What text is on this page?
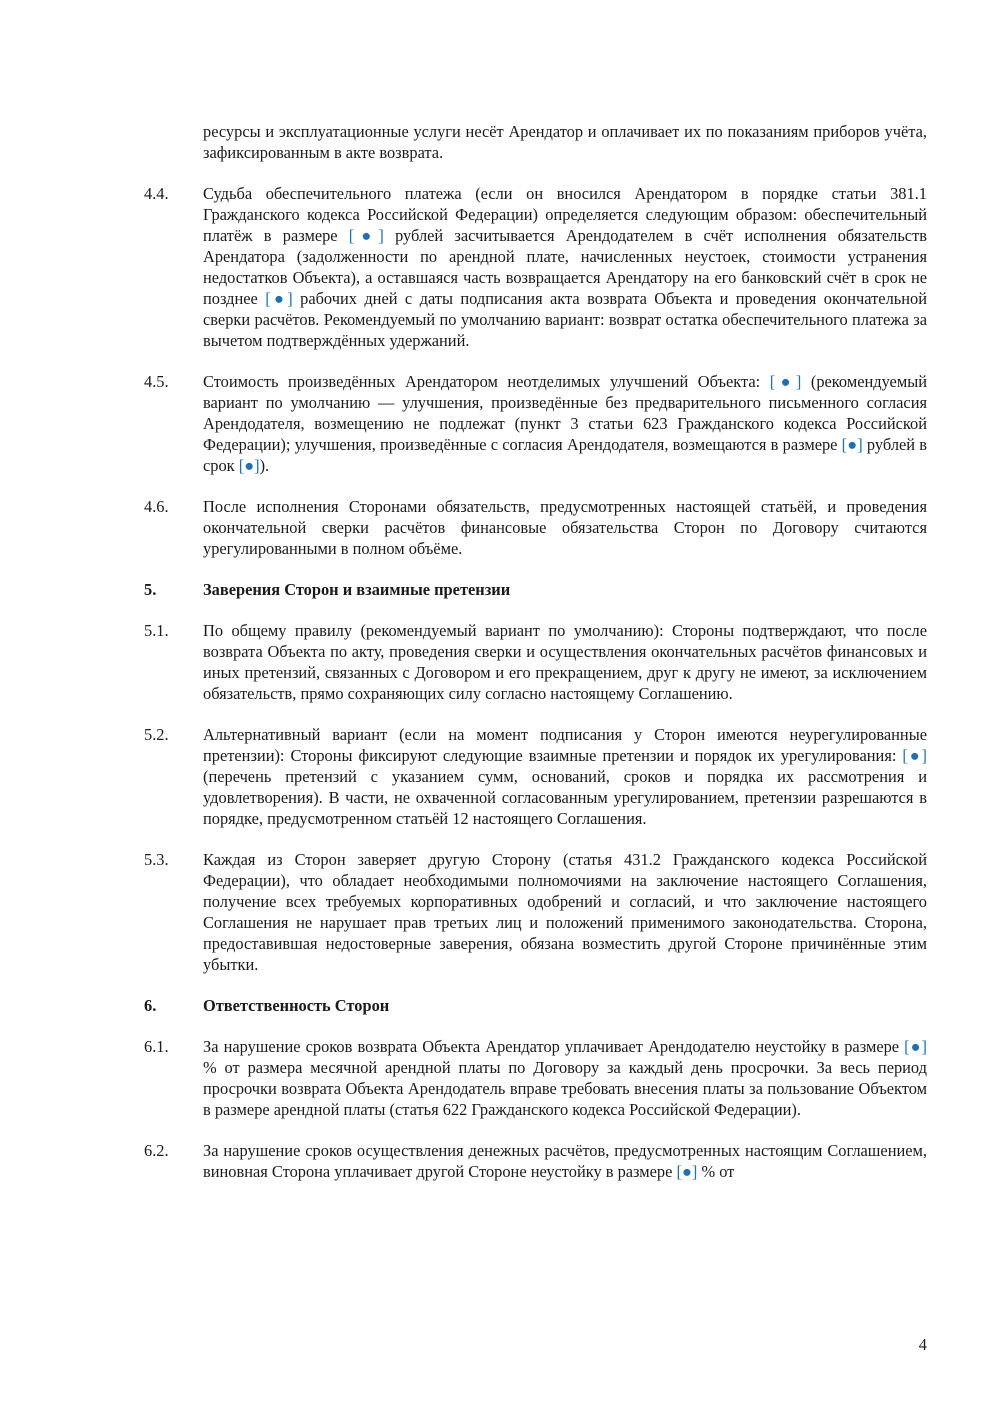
ресурсы и эксплуатационные услуги несёт Арендатор и оплачивает их по показаниям приборов учёта, зафиксированным в акте возврата.
4.4. Судьба обеспечительного платежа (если он вносился Арендатором в порядке статьи 381.1 Гражданского кодекса Российской Федерации) определяется следующим образом: обеспечительный платёж в размере [●] рублей засчитывается Арендодателем в счёт исполнения обязательств Арендатора (задолженности по арендной плате, начисленных неустоек, стоимости устранения недостатков Объекта), а оставшаяся часть возвращается Арендатору на его банковский счёт в срок не позднее [●] рабочих дней с даты подписания акта возврата Объекта и проведения окончательной сверки расчётов. Рекомендуемый по умолчанию вариант: возврат остатка обеспечительного платежа за вычетом подтверждённых удержаний.
4.5. Стоимость произведённых Арендатором неотделимых улучшений Объекта: [●] (рекомендуемый вариант по умолчанию — улучшения, произведённые без предварительного письменного согласия Арендодателя, возмещению не подлежат (пункт 3 статьи 623 Гражданского кодекса Российской Федерации); улучшения, произведённые с согласия Арендодателя, возмещаются в размере [●] рублей в срок [●]).
4.6. После исполнения Сторонами обязательств, предусмотренных настоящей статьёй, и проведения окончательной сверки расчётов финансовые обязательства Сторон по Договору считаются урегулированными в полном объёме.
5.	Заверения Сторон и взаимные претензии
5.1. По общему правилу (рекомендуемый вариант по умолчанию): Стороны подтверждают, что после возврата Объекта по акту, проведения сверки и осуществления окончательных расчётов финансовых и иных претензий, связанных с Договором и его прекращением, друг к другу не имеют, за исключением обязательств, прямо сохраняющих силу согласно настоящему Соглашению.
5.2. Альтернативный вариант (если на момент подписания у Сторон имеются неурегулированные претензии): Стороны фиксируют следующие взаимные претензии и порядок их урегулирования: [●] (перечень претензий с указанием сумм, оснований, сроков и порядка их рассмотрения и удовлетворения). В части, не охваченной согласованным урегулированием, претензии разрешаются в порядке, предусмотренном статьёй 12 настоящего Соглашения.
5.3. Каждая из Сторон заверяет другую Сторону (статья 431.2 Гражданского кодекса Российской Федерации), что обладает необходимыми полномочиями на заключение настоящего Соглашения, получение всех требуемых корпоративных одобрений и согласий, и что заключение настоящего Соглашения не нарушает прав третьих лиц и положений применимого законодательства. Сторона, предоставившая недостоверные заверения, обязана возместить другой Стороне причинённые этим убытки.
6.	Ответственность Сторон
6.1. За нарушение сроков возврата Объекта Арендатор уплачивает Арендодателю неустойку в размере [●] % от размера месячной арендной платы по Договору за каждый день просрочки. За весь период просрочки возврата Объекта Арендодатель вправе требовать внесения платы за пользование Объектом в размере арендной платы (статья 622 Гражданского кодекса Российской Федерации).
6.2. За нарушение сроков осуществления денежных расчётов, предусмотренных настоящим Соглашением, виновная Сторона уплачивает другой Стороне неустойку в размере [●] % от
4
